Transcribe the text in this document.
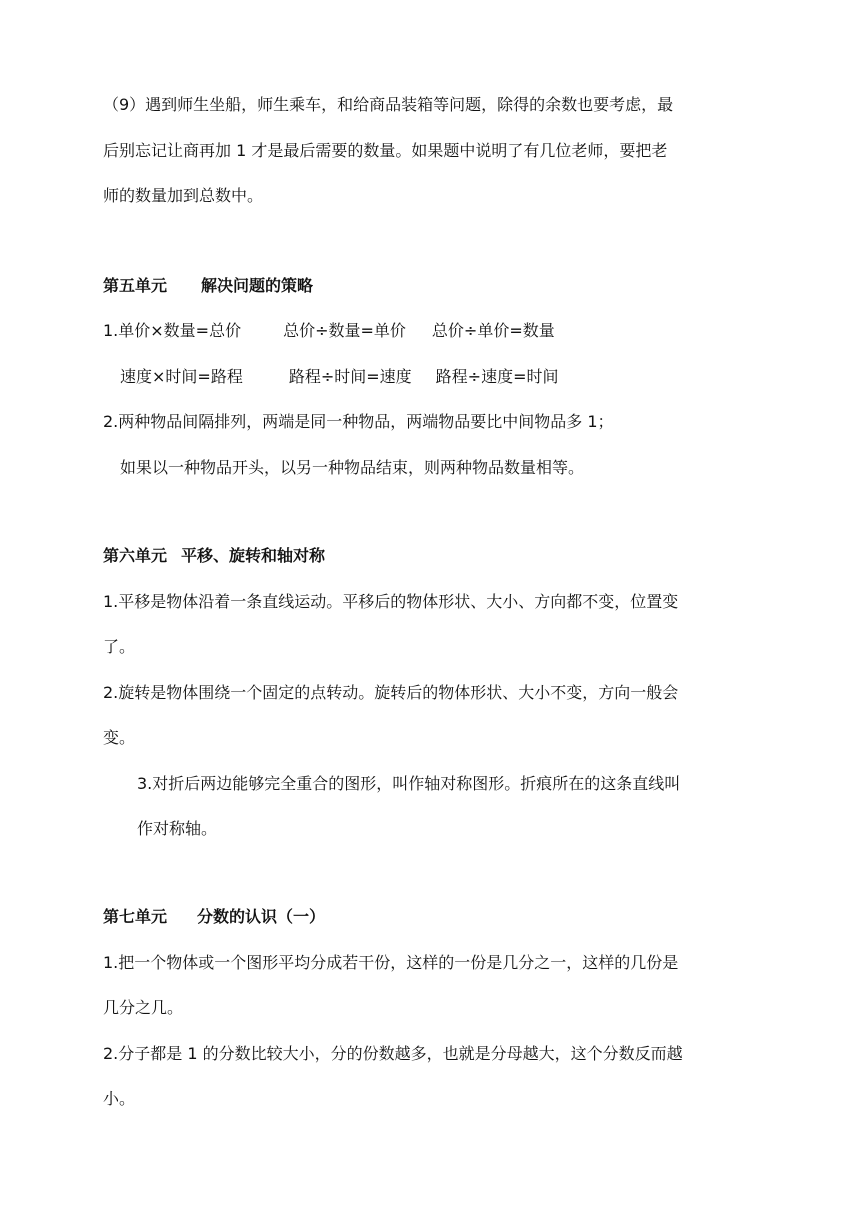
（9）遇到师生坐船，师生乘车，和给商品装箱等问题，除得的余数也要考虑，最
后别忘记让商再加 1 才是最后需要的数量。如果题中说明了有几位老师，要把老
师的数量加到总数中。
第五单元 解决问题的策略
1.单价×数量=总价	总价÷数量=单价 总价÷单价=数量
速度×时间=路程	路程÷时间=速度 路程÷速度=时间
2.两种物品间隔排列，两端是同一种物品，两端物品要比中间物品多 1；
如果以一种物品开头，以另一种物品结束，则两种物品数量相等。
第六单元 平移、旋转和轴对称
1.平移是物体沿着一条直线运动。平移后的物体形状、大小、方向都不变，位置变
了。
2.旋转是物体围绕一个固定的点转动。旋转后的物体形状、大小不变，方向一般会
变。
3.对折后两边能够完全重合的图形，叫作轴对称图形。折痕所在的这条直线叫
作对称轴。
第七单元 分数的认识（一）
1.把一个物体或一个图形平均分成若干份，这样的一份是几分之一，这样的几份是
几分之几。
2.分子都是 1 的分数比较大小，分的份数越多，也就是分母越大，这个分数反而越
小。
